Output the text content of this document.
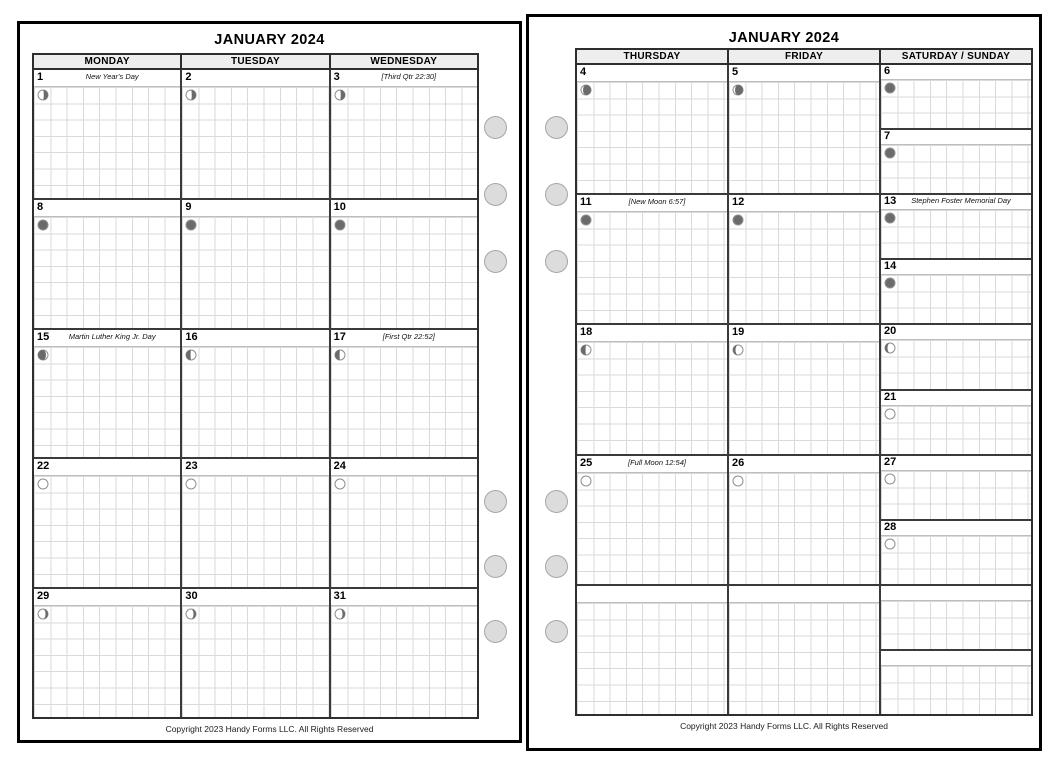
JANUARY 2024
MONDAY	TUESDAY	WEDNESDAY
1	New Year's Day	2	3	[Third Qtr 22:30]
8	9	10
15	Martin Luther King Jr. Day	16	17	[First Qtr 22:52]
22	23	24
29	30	31
Copyright 2023 Handy Forms LLC. All Rights Reserved
JANUARY 2024
THURSDAY	FRIDAY	SATURDAY / SUNDAY
4	5	6
7
11	[New Moon 6:57]	12	13	Stephen Foster Memorial Day
14
18	19	20
21
25	[Full Moon 12:54]	26	27
28
Copyright 2023 Handy Forms LLC. All Rights Reserved
